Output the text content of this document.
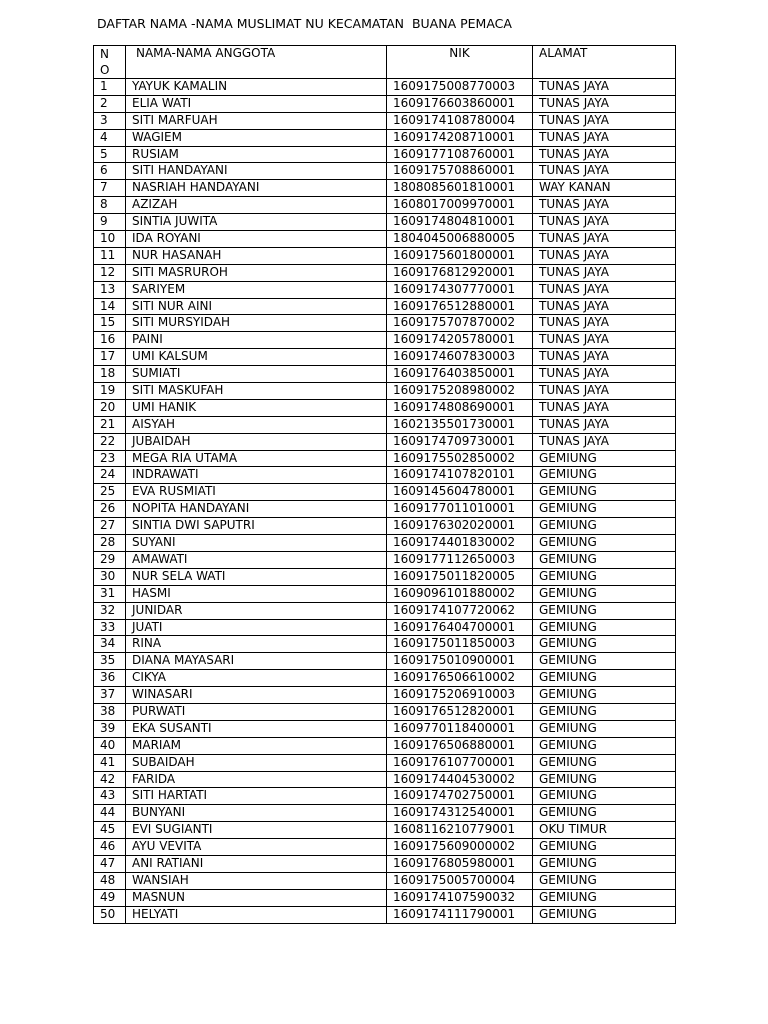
DAFTAR NAMA -NAMA MUSLIMAT NU KECAMATAN  BUANA PEMACA
NO	NAMA-NAMA ANGGOTA	NIK	ALAMAT
1	YAYUK KAMALIN	1609175008770003	TUNAS JAYA
2	ELIA WATI	1609176603860001	TUNAS JAYA
3	SITI MARFUAH	1609174108780004	TUNAS JAYA
4	WAGIEM	1609174208710001	TUNAS JAYA
5	RUSIAM	1609177108760001	TUNAS JAYA
6	SITI HANDAYANI	1609175708860001	TUNAS JAYA
7	NASRIAH HANDAYANI	1808085601810001	WAY KANAN
8	AZIZAH	1608017009970001	TUNAS JAYA
9	SINTIA JUWITA	1609174804810001	TUNAS JAYA
10	IDA ROYANI	1804045006880005	TUNAS JAYA
11	NUR HASANAH	1609175601800001	TUNAS JAYA
12	SITI MASRUROH	1609176812920001	TUNAS JAYA
13	SARIYEM	1609174307770001	TUNAS JAYA
14	SITI NUR AINI	1609176512880001	TUNAS JAYA
15	SITI MURSYIDAH	1609175707870002	TUNAS JAYA
16	PAINI	1609174205780001	TUNAS JAYA
17	UMI KALSUM	1609174607830003	TUNAS JAYA
18	SUMIATI	1609176403850001	TUNAS JAYA
19	SITI MASKUFAH	1609175208980002	TUNAS JAYA
20	UMI HANIK	1609174808690001	TUNAS JAYA
21	AISYAH	1602135501730001	TUNAS JAYA
22	JUBAIDAH	1609174709730001	TUNAS JAYA
23	MEGA RIA UTAMA	1609175502850002	GEMIUNG
24	INDRAWATI	1609174107820101	GEMIUNG
25	EVA RUSMIATI	1609145604780001	GEMIUNG
26	NOPITA HANDAYANI	1609177011010001	GEMIUNG
27	SINTIA DWI SAPUTRI	1609176302020001	GEMIUNG
28	SUYANI	1609174401830002	GEMIUNG
29	AMAWATI	1609177112650003	GEMIUNG
30	NUR SELA WATI	1609175011820005	GEMIUNG
31	HASMI	1609096101880002	GEMIUNG
32	JUNIDAR	1609174107720062	GEMIUNG
33	JUATI	1609176404700001	GEMIUNG
34	RINA	1609175011850003	GEMIUNG
35	DIANA MAYASARI	1609175010900001	GEMIUNG
36	CIKYA	1609176506610002	GEMIUNG
37	WINASARI	1609175206910003	GEMIUNG
38	PURWATI	1609176512820001	GEMIUNG
39	EKA SUSANTI	1609770118400001	GEMIUNG
40	MARIAM	1609176506880001	GEMIUNG
41	SUBAIDAH	1609176107700001	GEMIUNG
42	FARIDA	1609174404530002	GEMIUNG
43	SITI HARTATI	1609174702750001	GEMIUNG
44	BUNYANI	1609174312540001	GEMIUNG
45	EVI SUGIANTI	1608116210779001	OKU TIMUR
46	AYU VEVITA	1609175609000002	GEMIUNG
47	ANI RATIANI	1609176805980001	GEMIUNG
48	WANSIAH	1609175005700004	GEMIUNG
49	MASNUN	1609174107590032	GEMIUNG
50	HELYATI	1609174111790001	GEMIUNG
